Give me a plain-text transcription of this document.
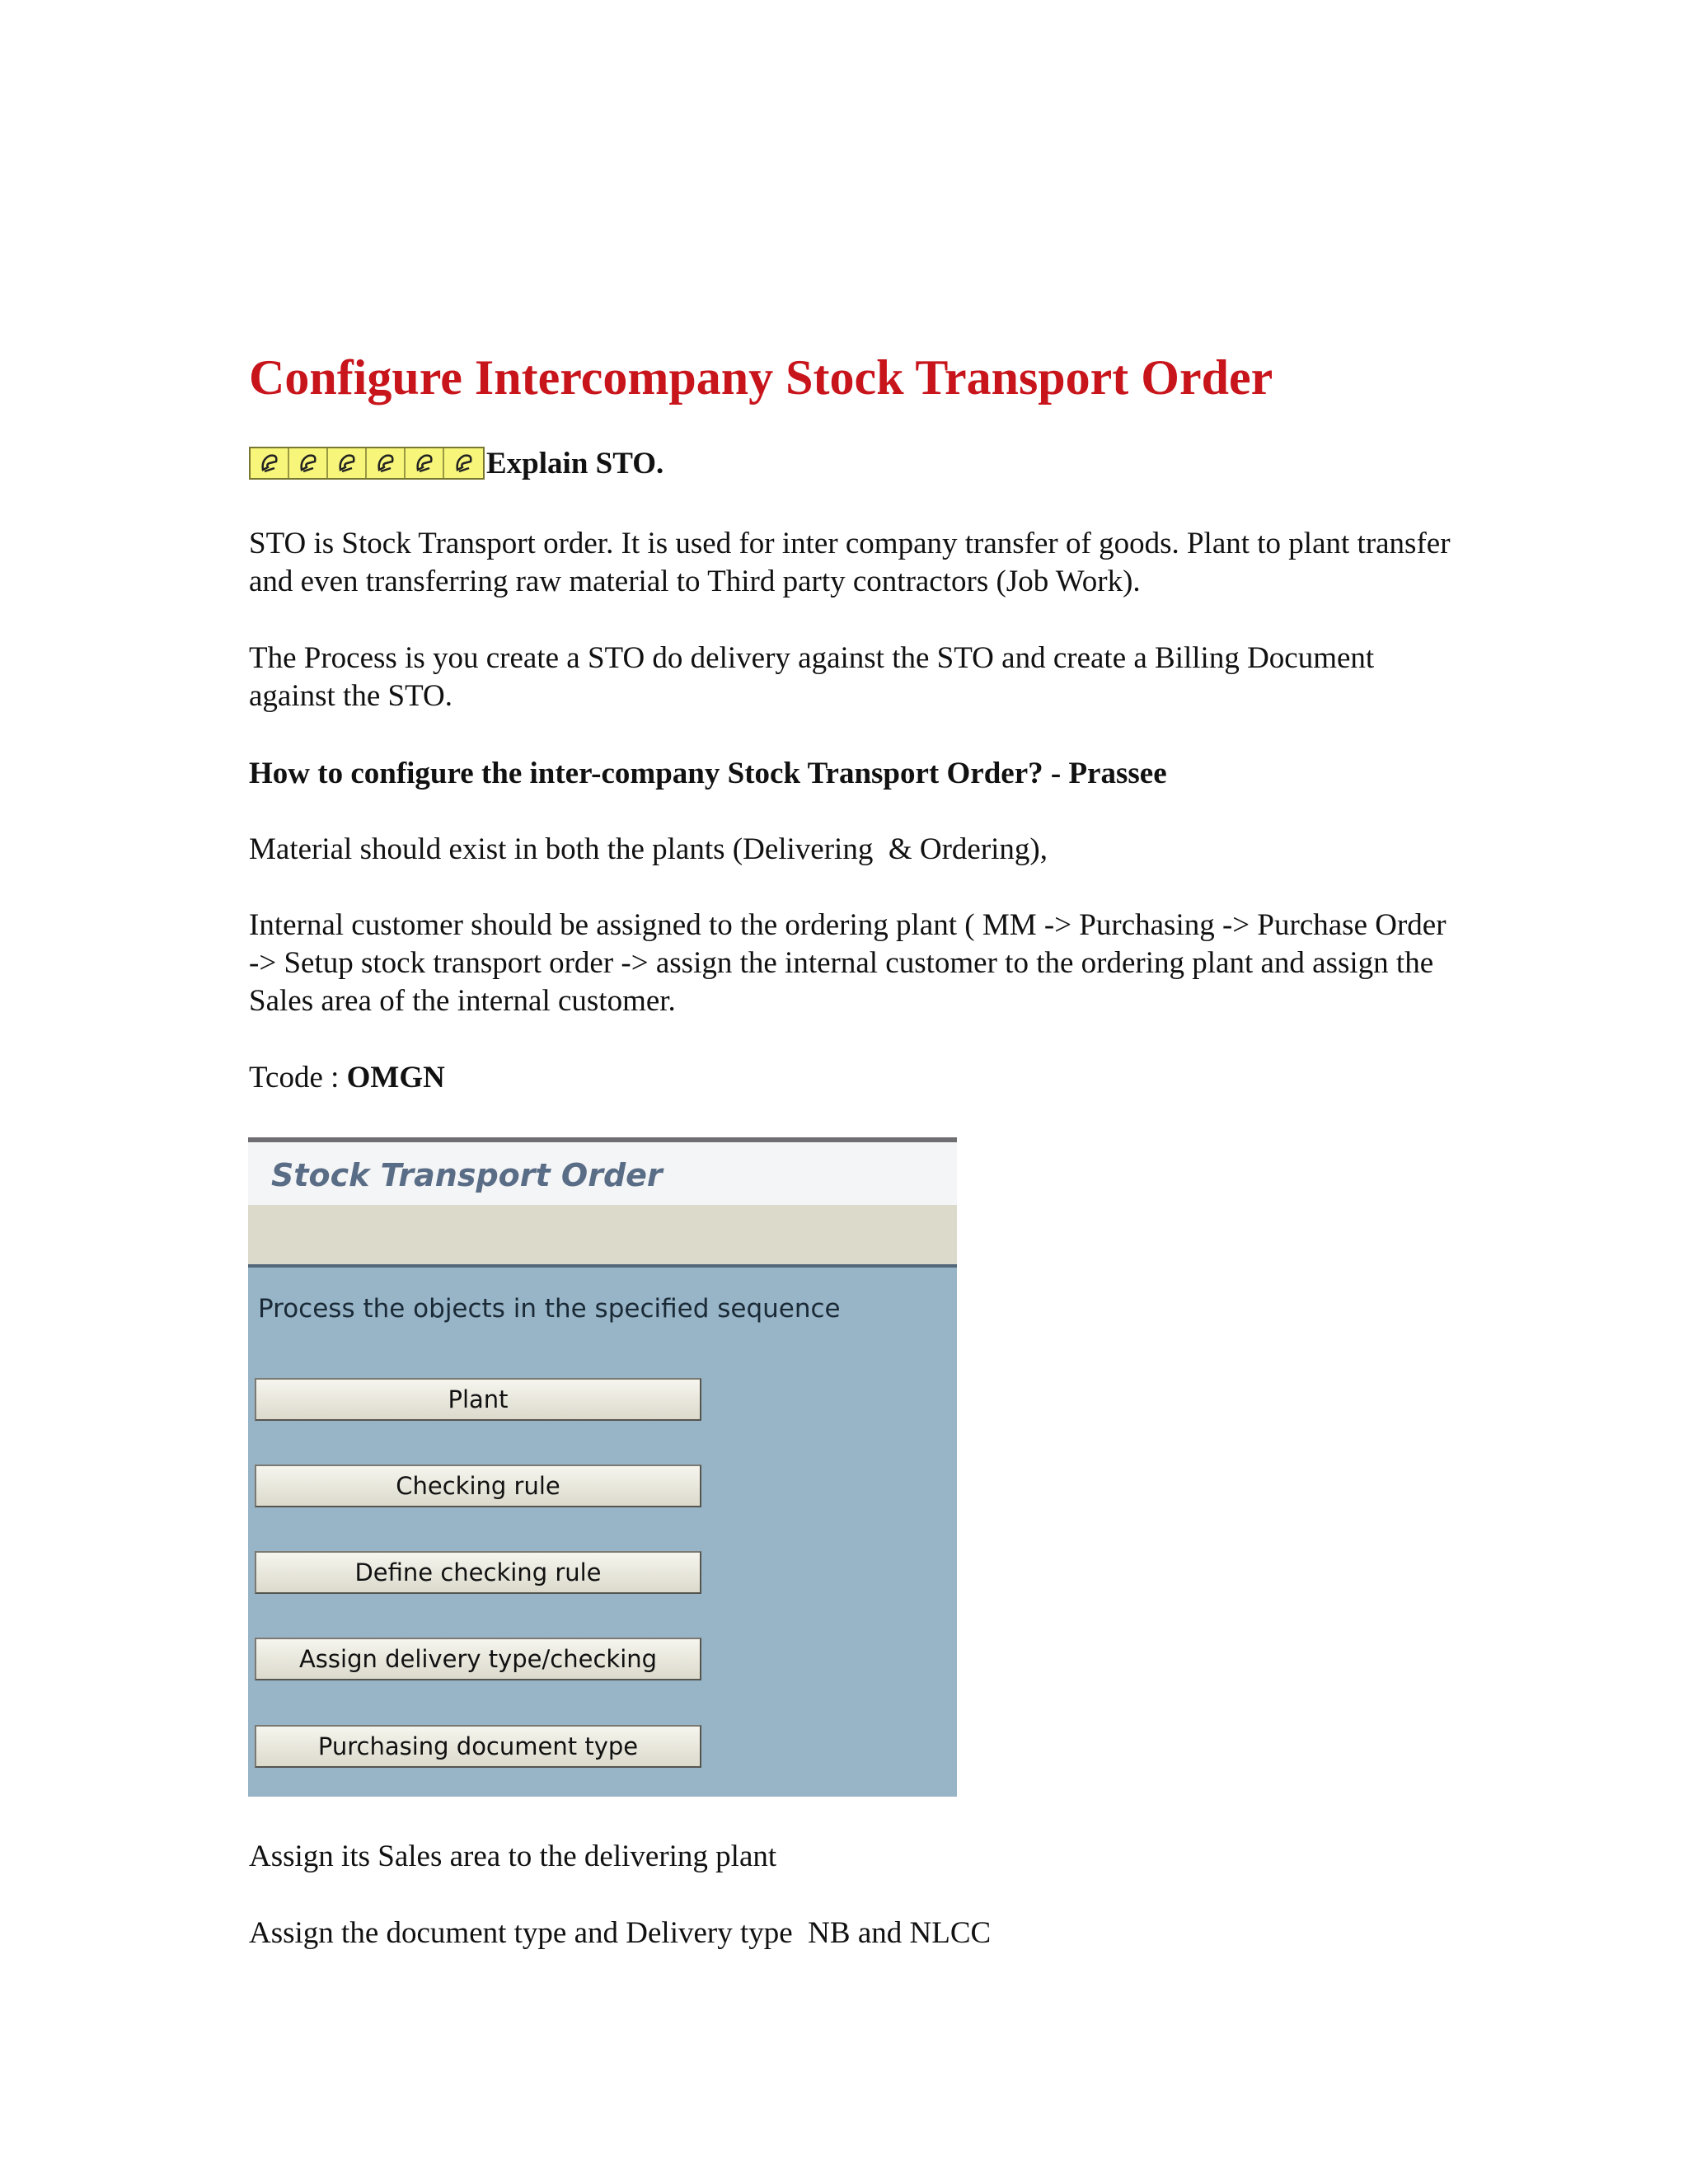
Configure Intercompany Stock Transport Order
Explain STO.

STO is Stock Transport order. It is used for inter company transfer of goods. Plant to plant transfer and even transferring raw material to Third party contractors (Job Work).

The Process is you create a STO do delivery against the STO and create a Billing Document against the STO.

How to configure the inter-company Stock Transport Order? - Prassee

Material should exist in both the plants (Delivering  & Ordering),

Internal customer should be assigned to the ordering plant ( MM -> Purchasing -> Purchase Order -> Setup stock transport order -> assign the internal customer to the ordering plant and assign the Sales area of the internal customer.

Tcode : OMGN

Stock Transport Order
Process the objects in the specified sequence
Plant
Checking rule
Define checking rule
Assign delivery type/checking
Purchasing document type

Assign its Sales area to the delivering plant

Assign the document type and Delivery type  NB and NLCC
